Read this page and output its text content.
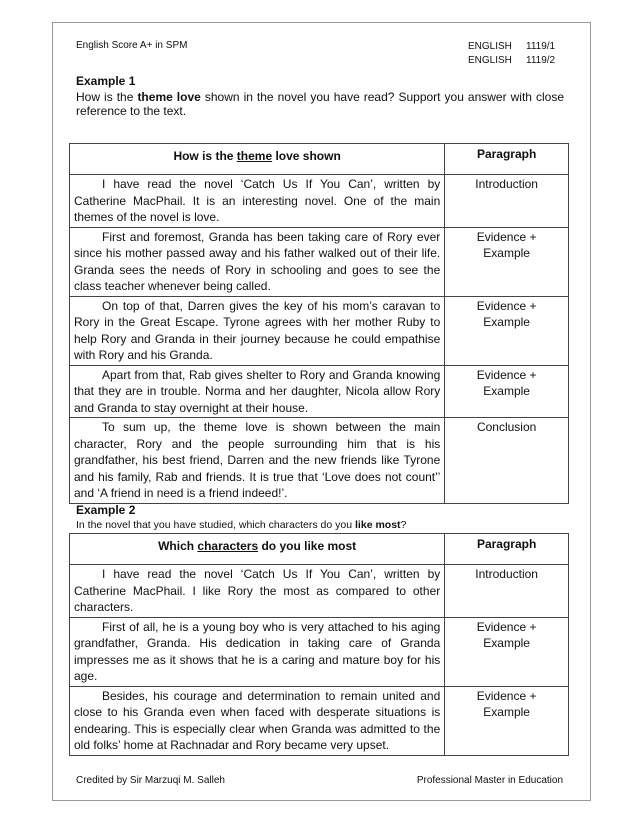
English Score A+ in SPM	ENGLISH 1119/1
ENGLISH 1119/2
Example 1
How is the theme love shown in the novel you have read? Support you answer with close reference to the text.
How is the theme love shown	Paragraph
I have read the novel ‘Catch Us If You Can’, written by Catherine MacPhail. It is an interesting novel. One of the main themes of the novel is love.	Introduction
First and foremost, Granda has been taking care of Rory ever since his mother passed away and his father walked out of their life. Granda sees the needs of Rory in schooling and goes to see the class teacher whenever being called.	Evidence + Example

On top of that, Darren gives the key of his mom’s caravan to Rory in the Great Escape. Tyrone agrees with her mother Ruby to help Rory and Granda in their journey because he could empathise with Rory and his Granda.	Evidence + Example

Apart from that, Rab gives shelter to Rory and Granda knowing that they are in trouble. Norma and her daughter, Nicola allow Rory and Granda to stay overnight at their house.	Evidence + Example

To sum up, the theme love is shown between the main character, Rory and the people surrounding him that is his grandfather, his best friend, Darren and the new friends like Tyrone and his family, Rab and friends. It is true that ‘Love does not count’’ and ‘A friend in need is a friend indeed!’.	Conclusion
Example 2
In the novel that you have studied, which characters do you like most?
Which characters do you like most	Paragraph
I have read the novel ‘Catch Us If You Can’, written by Catherine MacPhail. I like Rory the most as compared to other characters.	Introduction
First of all, he is a young boy who is very attached to his aging grandfather, Granda. His dedication in taking care of Granda impresses me as it shows that he is a caring and mature boy for his age.	Evidence + Example

Besides, his courage and determination to remain united and close to his Granda even when faced with desperate situations is endearing. This is especially clear when Granda was admitted to the old folks’ home at Rachnadar and Rory became very upset.	Evidence + Example
Credited by Sir Marzuqi M. Salleh	Professional Master in Education
